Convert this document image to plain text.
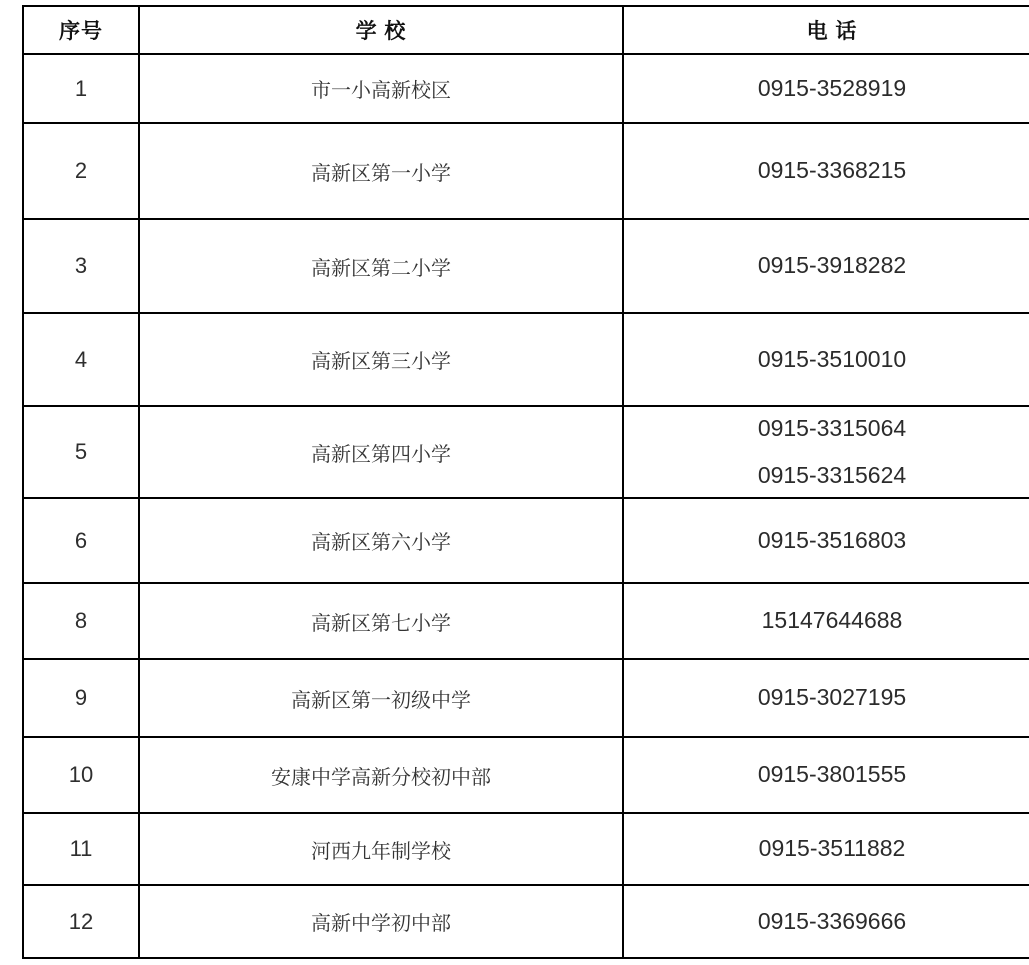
序号	学 校	电 话
1	市一小高新校区	0915-3528919

2	高新区第一小学	0915-3368215

3	高新区第二小学	0915-3918282

4	高新区第三小学	0915-3510010

5	高新区第四小学	0915-3315064
0915-3315624

6	高新区第六小学	0915-3516803

8	高新区第七小学	15147644688

9	高新区第一初级中学	0915-3027195

10	安康中学高新分校初中部	0915-3801555

11	河西九年制学校	0915-3511882

12	高新中学初中部	0915-3369666
